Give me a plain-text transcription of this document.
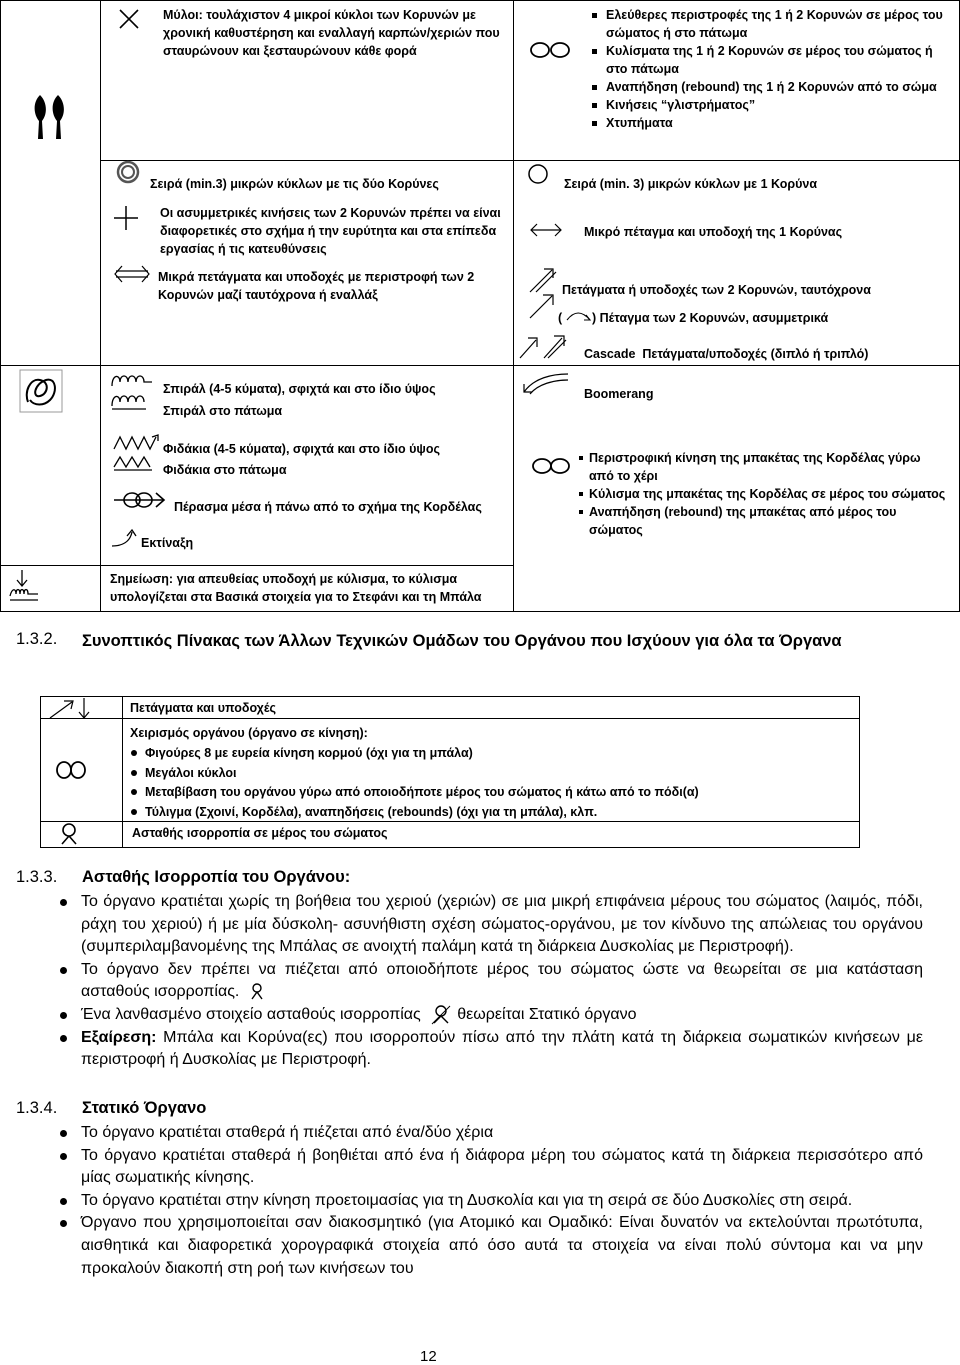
Μύλοι: τουλάχιστον 4 μικροί κύκλοι των Κορυνών με χρονική καθυστέρηση και εναλλαγή καρπών/χεριών που σταυρώνουν και ξεσταυρώνουν κάθε φορά
Ελεύθερες περιστροφές της 1 ή 2 Κορυνών σε μέρος του σώματος ή στο πάτωμα
Κυλίσματα της 1 ή 2 Κορυνών σε μέρος του σώματος ή στο πάτωμα
Αναπήδηση (rebound) της 1 ή 2 Κορυνών από το σώμα
Κινήσεις “γλιστρήματος”
Χτυπήματα
Σειρά (min.3) μικρών κύκλων με τις δύο Κορύνες	Σειρά (min. 3) μικρών κύκλων με 1 Κορύνα
Οι ασυμμετρικές κινήσεις των 2 Κορυνών πρέπει να είναι διαφορετικές στο σχήμα ή την ευρύτητα και στα επίπεδα εργασίας ή τις κατευθύνσεις
Μικρό πέταγμα και υποδοχή της 1 Κορύνας
Μικρά πετάγματα και υποδοχές με περιστροφή των 2 Κορυνών μαζί ταυτόχρονα ή εναλλάξ	Πετάγματα ή υποδοχές των 2 Κορυνών, ταυτόχρονα
( ) Πέταγμα των 2 Κορυνών, ασυμμετρικά
Cascade  Πετάγματα/υποδοχές (διπλό ή τριπλό)
Σπιράλ (4-5 κύματα), σφιχτά και στο ίδιο ύψος
Σπιράλ στο πάτωμα
Boomerang
Φιδάκια (4-5 κύματα), σφιχτά και στο ίδιο ύψος
Φιδάκια στο πάτωμα
Πέρασμα μέσα ή πάνω από το σχήμα της Κορδέλας
Εκτίναξη
Περιστροφική κίνηση της μπακέτας της Κορδέλας γύρω από το χέρι
Κύλισμα της μπακέτας της Κορδέλας σε μέρος του σώματος
Αναπήδηση (rebound) της μπακέτας από μέρος του σώματος
Σημείωση: για απευθείας υποδοχή με κύλισμα, το κύλισμα υπολογίζεται στα Βασικά στοιχεία για το Στεφάνι και τη Μπάλα
1.3.2. Συνοπτικός Πίνακας των Άλλων Τεχνικών Ομάδων του Οργάνου που Ισχύουν για όλα τα Όργανα
Πετάγματα και υποδοχές
Χειρισμός οργάνου (όργανο σε κίνηση):
Φιγούρες 8 με ευρεία κίνηση κορμού (όχι για τη μπάλα)
Μεγάλοι κύκλοι
Μεταβίβαση του οργάνου γύρω από οποιοδήποτε μέρος του σώματος ή κάτω από το πόδι(α)
Τύλιγμα (Σχοινί, Κορδέλα), αναπηδήσεις (rebounds) (όχι για τη μπάλα), κλπ.
Ασταθής ισορροπία σε μέρος του σώματος
1.3.3. Ασταθής Ισορροπία του Οργάνου:
Το όργανο κρατιέται χωρίς τη βοήθεια του χεριού (χεριών) σε μια μικρή επιφάνεια μέρους του σώματος (λαιμός, πόδι, ράχη του χεριού) ή με μία δύσκολη- ασυνήθιστη σχέση σώματος-οργάνου, με τον κίνδυνο της απώλειας του οργάνου (συμπεριλαμβανομένης της Μπάλας σε ανοιχτή παλάμη κατά τη διάρκεια Δυσκολίας με Περιστροφή).
Το όργανο δεν πρέπει να πιέζεται από οποιοδήποτε μέρος του σώματος ώστε να θεωρείται σε μια κατάσταση ασταθούς ισορροπίας.
Ένα λανθασμένο στοιχείο ασταθούς ισορροπίας θεωρείται Στατικό όργανο
Εξαίρεση: Μπάλα και Κορύνα(ες) που ισορροπούν πίσω από την πλάτη κατά τη διάρκεια σωματικών κινήσεων με περιστροφή ή Δυσκολίας με Περιστροφή.
1.3.4. Στατικό Όργανο
Το όργανο κρατιέται σταθερά ή πιέζεται από ένα/δύο χέρια
Το όργανο κρατιέται σταθερά ή βοηθιέται από ένα ή διάφορα μέρη του σώματος κατά τη διάρκεια περισσότερο από μίας σωματικής κίνησης.
Το όργανο κρατιέται στην κίνηση προετοιμασίας για τη Δυσκολία και για τη σειρά σε δύο Δυσκολίες στη σειρά.
Όργανο που χρησιμοποιείται σαν διακοσμητικό (για Ατομικό και Ομαδικό: Είναι δυνατόν να εκτελούνται πρωτότυπα, αισθητικά και διαφορετικά χορογραφικά στοιχεία από όσο αυτά τα στοιχεία να είναι πολύ σύντομα και να μην προκαλούν διακοπή στη ροή των κινήσεων του
12
